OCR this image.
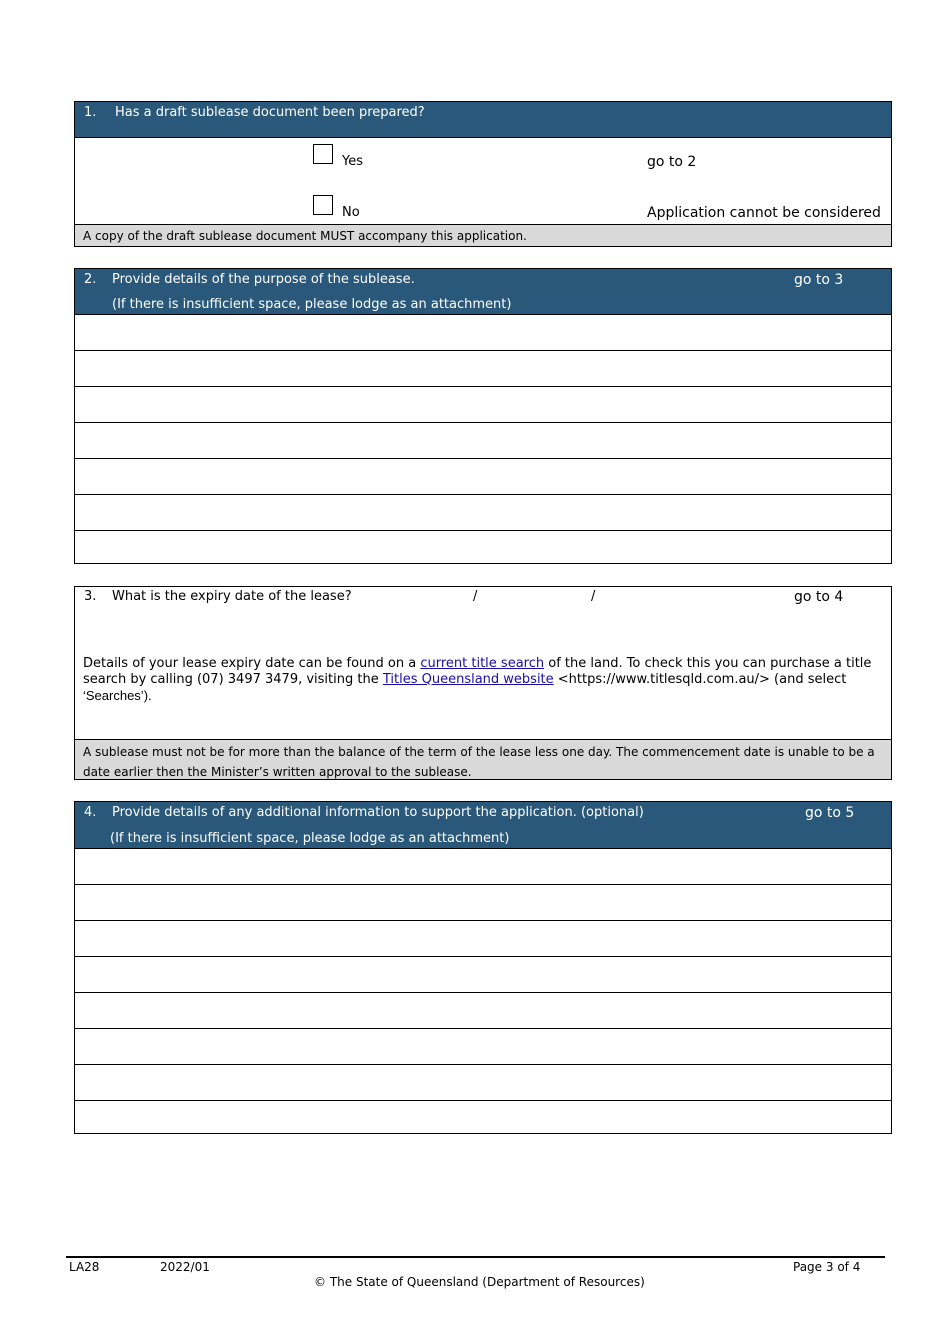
1. Has a draft sublease document been prepared?
Yes	go to 2
No	Application cannot be considered
A copy of the draft sublease document MUST accompany this application.
2. Provide details of the purpose of the sublease.	go to 3
(If there is insufficient space, please lodge as an attachment)
3. What is the expiry date of the lease?	/	/	go to 4
Details of your lease expiry date can be found on a current title search of the land. To check this you can purchase a title search by calling (07) 3497 3479, visiting the Titles Queensland website <https://www.titlesqld.com.au/> (and select
‘Searches’).
A sublease must not be for more than the balance of the term of the lease less one day. The commencement date is unable to be a date earlier then the Minister’s written approval to the sublease.
4. Provide details of any additional information to support the application. (optional)	go to 5
(If there is insufficient space, please lodge as an attachment)
LA28	2022/01	Page 3 of 4
© The State of Queensland (Department of Resources)
